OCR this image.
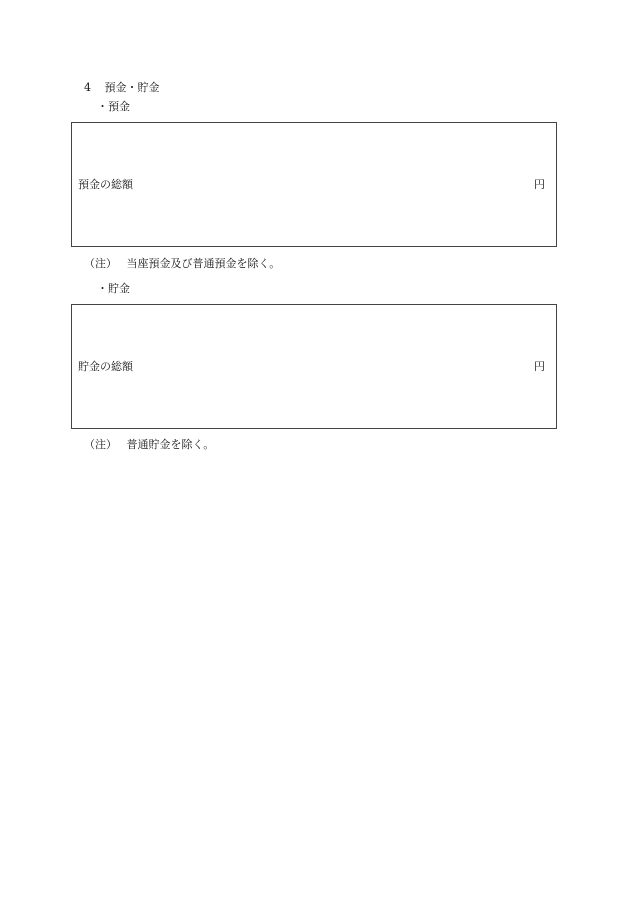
4 預金・貯金
・預金
預金の総額	円
（注） 当座預金及び普通預金を除く。
・貯金
貯金の総額	円
（注） 普通貯金を除く。
